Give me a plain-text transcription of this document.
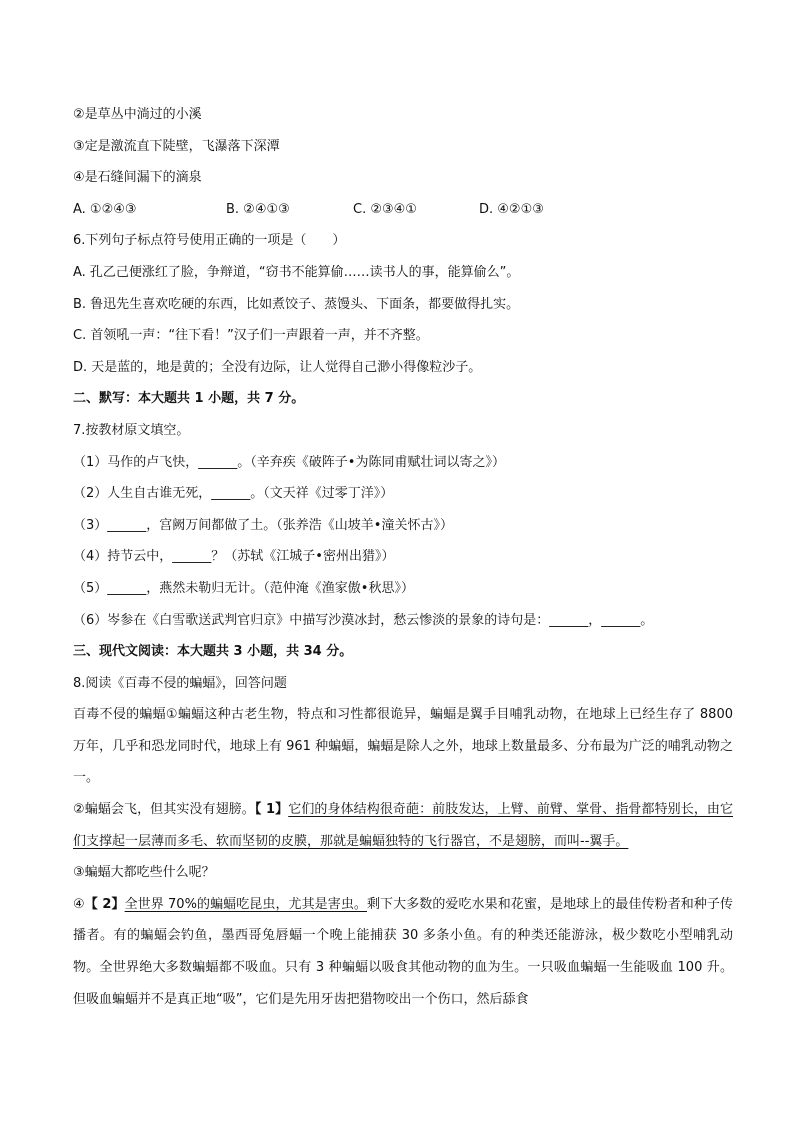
②是草丛中淌过的小溪
③定是激流直下陡壁，飞瀑落下深潭
④是石缝间漏下的滴泉
A. ①②④③	B. ②④①③	C. ②③④①	D. ④②①③
6.下列句子标点符号使用正确的一项是（　　）
A. 孔乙己便涨红了脸，争辩道，“窃书不能算偷……读书人的事，能算偷么”。
B. 鲁迅先生喜欢吃硬的东西，比如煮饺子、蒸馒头、下面条，都要做得扎实。
C. 首领吼一声：“往下看！”汉子们一声跟着一声，并不齐整。
D. 天是蓝的，地是黄的；全没有边际，让人觉得自己渺小得像粒沙子。
二、默写：本大题共 1 小题，共 7 分。
7.按教材原文填空。
（1）马作的卢飞快，______。（辛弃疾《破阵子•为陈同甫赋壮词以寄之》）
（2）人生自古谁无死，______。（文天祥《过零丁洋》）
（3）______，宫阙万间都做了土。（张养浩《山坡羊•潼关怀古》）
（4）持节云中，______？（苏轼《江城子•密州出猎》）
（5）______，燕然未勒归无计。（范仲淹《渔家傲•秋思》）
（6）岑参在《白雪歌送武判官归京》中描写沙漠冰封，愁云惨淡的景象的诗句是：______，______。
三、现代文阅读：本大题共 3 小题，共 34 分。
8.阅读《百毒不侵的蝙蝠》，回答问题
百毒不侵的蝙蝠①蝙蝠这种古老生物，特点和习性都很诡异，蝙蝠是翼手目哺乳动物，在地球上已经生存了 8800 万年，几乎和恐龙同时代，地球上有 961 种蝙蝠，蝙蝠是除人之外，地球上数量最多、分布最为广泛的哺乳动物之一。
②蝙蝠会飞，但其实没有翅膀。【 1】它们的身体结构很奇葩：前肢发达，上臂、前臂、掌骨、指骨都特别长，由它们支撑起一层薄而多毛、软而坚韧的皮膜，那就是蝙蝠独特的飞行器官，不是翅膀，而叫--翼手。
③蝙蝠大都吃些什么呢？
④【 2】全世界 70%的蝙蝠吃昆虫，尤其是害虫。剩下大多数的爱吃水果和花蜜，是地球上的最佳传粉者和种子传播者。有的蝙蝠会钓鱼，墨西哥兔唇蝠一个晚上能捕获 30 多条小鱼。有的种类还能游泳，极少数吃小型哺乳动物。全世界绝大多数蝙蝠都不吸血。只有 3 种蝙蝠以吸食其他动物的血为生。一只吸血蝙蝠一生能吸血 100 升。但吸血蝙蝠并不是真正地“吸”，它们是先用牙齿把猎物咬出一个伤口，然后舔食
